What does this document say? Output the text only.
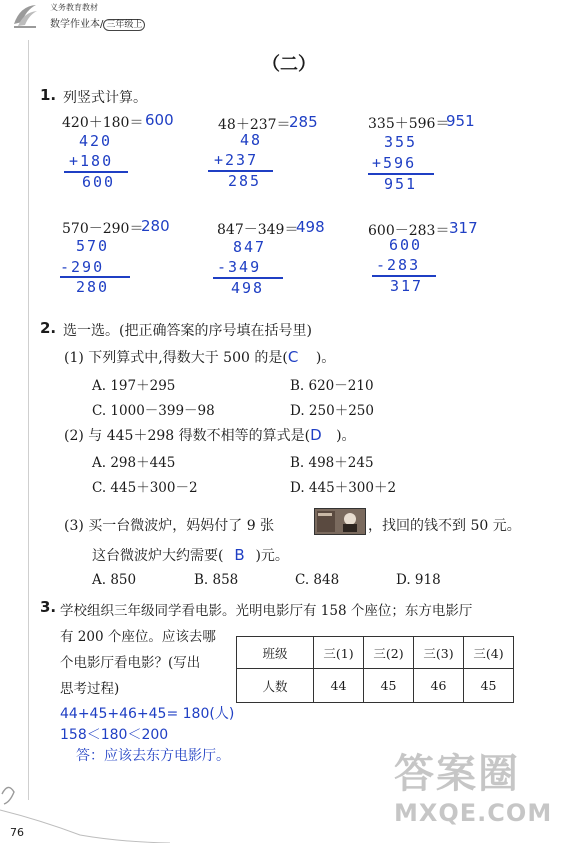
义务教育教材
数学作业本/ 三年级上
（二）
1. 列竖式计算。
420＋180＝ 600
420
+180
600
48＋237＝
285
48
+237
285
335＋596＝
951
355
+596
951
570－290＝
280
570
-290
280
847－349＝
498
847
-349
498
600－283＝ 317
600
-283
317
2. 选一选。(把正确答案的序号填在括号里)
(1) 下列算式中,得数大于 500 的是(C )。
A. 197＋295	B. 620－210
C. 1000－399－98	D. 250＋250
(2) 与 445＋298 得数不相等的算式是(D )。
A. 298＋445	B. 498＋245
C. 445＋300－2	D. 445＋300＋2
(3) 买一台微波炉，妈妈付了 9 张	，找回的钱不到 50 元。
这台微波炉大约需要( B )元。
A. 850	B. 858	C. 848	D. 918
3. 学校组织三年级同学看电影。光明电影厅有 158 个座位；东方电影厅
有 200 个座位。应该去哪
个电影厅看电影？(写出
思考过程)
班级	三(1)	三(2)	三(3)	三(4)
人数	44	45	46	45
44+45+46+45= 180(人)
158＜180＜200
答：应该去东方电影厅。
76
答案圈
MXQE.COM
